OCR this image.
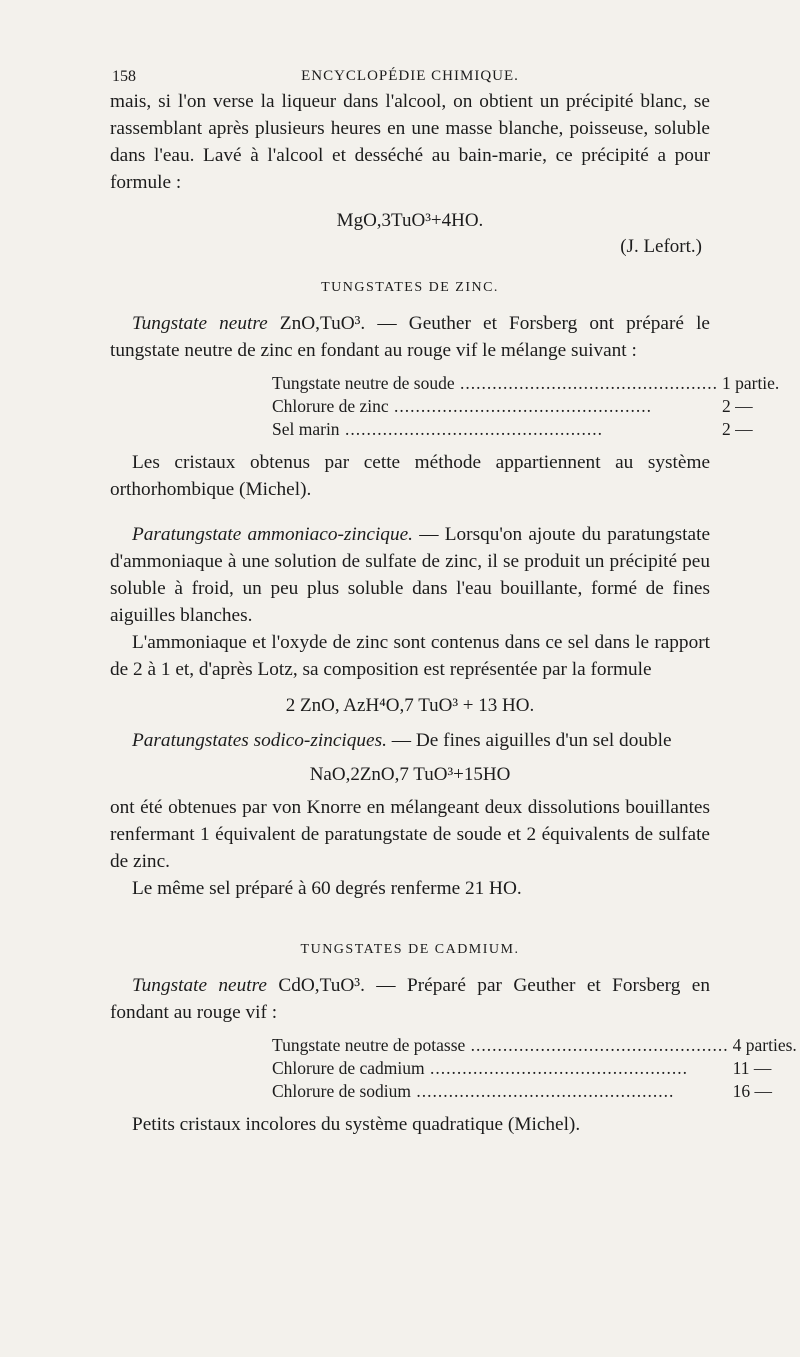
158	ENCYCLOPÉDIE CHIMIQUE.

mais, si l'on verse la liqueur dans l'alcool, on obtient un précipité blanc, se rassemblant après plusieurs heures en une masse blanche, poisseuse, soluble dans l'eau. Lavé à l'alcool et desséché au bain-marie, ce précipité a pour formule :

MgO,3TuO³+4HO.
(J. Lefort.)
TUNGSTATES DE ZINC.

Tungstate neutre ZnO,TuO³. — Geuther et Forsberg ont préparé le tungstate neutre de zinc en fondant au rouge vif le mélange suivant :

Tungstate neutre de soude .....	1 partie.
Chlorure de zinc .....	2 —
Sel marin .....	2 —

Les cristaux obtenus par cette méthode appartiennent au système orthorhombique (Michel).

Paratungstate ammoniaco-zincique. — Lorsqu'on ajoute du paratungstate d'ammoniaque à une solution de sulfate de zinc, il se produit un précipité peu soluble à froid, un peu plus soluble dans l'eau bouillante, formé de fines aiguilles blanches.

L'ammoniaque et l'oxyde de zinc sont contenus dans ce sel dans le rapport de 2 à 1 et, d'après Lotz, sa composition est représentée par la formule

2 ZnO, AzH⁴O,7 TuO³ + 13 HO.

Paratungstates sodico-zinciques. — De fines aiguilles d'un sel double

NaO,2ZnO,7 TuO³+15HO

ont été obtenues par von Knorre en mélangeant deux dissolutions bouillantes renfermant 1 équivalent de paratungstate de soude et 2 équivalents de sulfate de zinc.

Le même sel préparé à 60 degrés renferme 21 HO.

TUNGSTATES DE CADMIUM.

Tungstate neutre CdO,TuO³. — Préparé par Geuther et Forsberg en fondant au rouge vif :

Tungstate neutre de potasse .....	4 parties.
Chlorure de cadmium .....	11 —
Chlorure de sodium .....	16 —

Petits cristaux incolores du système quadratique (Michel).
